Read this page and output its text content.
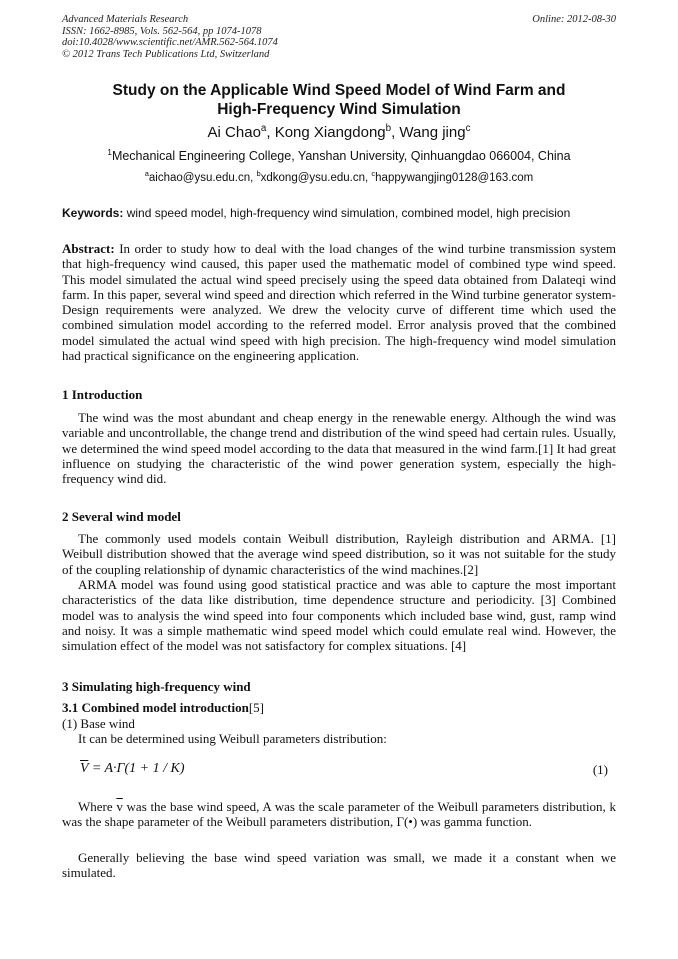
Advanced Materials Research
ISSN: 1662-8985, Vols. 562-564, pp 1074-1078
doi:10.4028/www.scientific.net/AMR.562-564.1074
© 2012 Trans Tech Publications Ltd, Switzerland
Online: 2012-08-30
Study on the Applicable Wind Speed Model of Wind Farm and
High-Frequency Wind Simulation
Ai Chao$^a$, Kong Xiangdong$^b$, Wang jing$^c$
$^1$Mechanical Engineering College, Yanshan University, Qinhuangdao 066004, China
$^a$aichao@ysu.edu.cn, $^b$xdkong@ysu.edu.cn, $^c$happywangjing0128@163.com
Keywords: wind speed model, high-frequency wind simulation, combined model, high precision
Abstract: In order to study how to deal with the load changes of the wind turbine transmission system that high-frequency wind caused, this paper used the mathematic model of combined type wind speed. This model simulated the actual wind speed precisely using the speed data obtained from Dalateqi wind farm. In this paper, several wind speed and direction which referred in the Wind turbine generator system-Design requirements were analyzed. We drew the velocity curve of different time which used the combined simulation model according to the referred model. Error analysis proved that the combined model simulated the actual wind speed with high precision. The high-frequency wind model simulation had practical significance on the engineering application.
1 Introduction
The wind was the most abundant and cheap energy in the renewable energy. Although the wind was variable and uncontrollable, the change trend and distribution of the wind speed had certain rules. Usually, we determined the wind speed model according to the data that measured in the wind farm.[1] It had great influence on studying the characteristic of the wind power generation system, especially the high-frequency wind did.
2 Several wind model
The commonly used models contain Weibull distribution, Rayleigh distribution and ARMA. [1] Weibull distribution showed that the average wind speed distribution, so it was not suitable for the study of the coupling relationship of dynamic characteristics of the wind machines.[2]
ARMA model was found using good statistical practice and was able to capture the most important characteristics of the data like distribution, time dependence structure and periodicity. [3] Combined model was to analysis the wind speed into four components which included base wind, gust, ramp wind and noisy. It was a simple mathematic wind speed model which could emulate real wind. However, the simulation effect of the model was not satisfactory for complex situations. [4]
3 Simulating high-frequency wind
3.1 Combined model introduction[5]
(1) Base wind
It can be determined using Weibull parameters distribution:
$\overline{V} = A\cdot\Gamma(1 + 1 / K)$	(1)
Where $\overline{v}$ was the base wind speed, A was the scale parameter of the Weibull parameters distribution, k was the shape parameter of the Weibull parameters distribution, Γ(•) was gamma function.
Generally believing the base wind speed variation was small, we made it a constant when we simulated.
